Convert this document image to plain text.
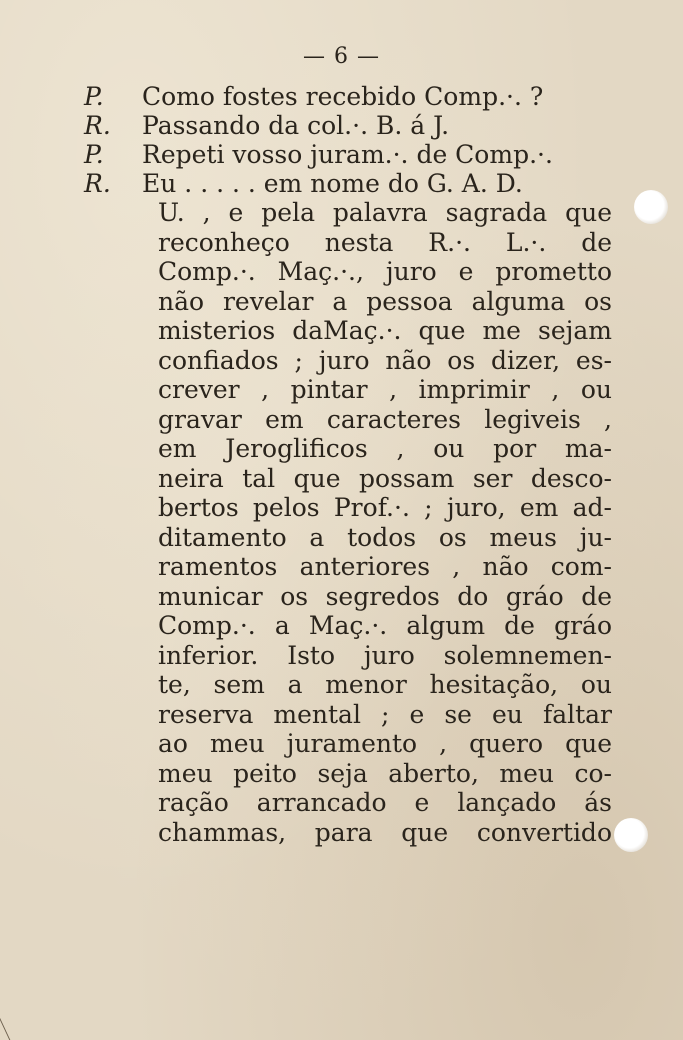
— 6 —
P.	Como fostes recebido Comp.·. ?
R.	Passando da col.·. B. á J.
P.	Repeti vosso juram.·. de Comp.·.
R.	Eu . . . . . em nome do G. A. D.
U. , e pela palavra sagrada que
reconheço nesta R.·. L.·. de
Comp.·. Maç.·., juro e prometto
não revelar a pessoa alguma os
misterios daMaç.·. que me sejam
confiados ; juro não os dizer, es-
crever , pintar , imprimir , ou
gravar em caracteres legiveis ,
em Jeroglificos , ou por ma-
neira tal que possam ser desco-
bertos pelos Prof.·. ; juro, em ad-
ditamento a todos os meus ju-
ramentos anteriores , não com-
municar os segredos do gráo de
Comp.·. a Maç.·. algum de gráo
inferior. Isto juro solemnemen-
te, sem a menor hesitação, ou
reserva mental ; e se eu faltar
ao meu juramento , quero que
meu peito seja aberto, meu co-
ração arrancado e lançado ás
chammas, para que convertido
